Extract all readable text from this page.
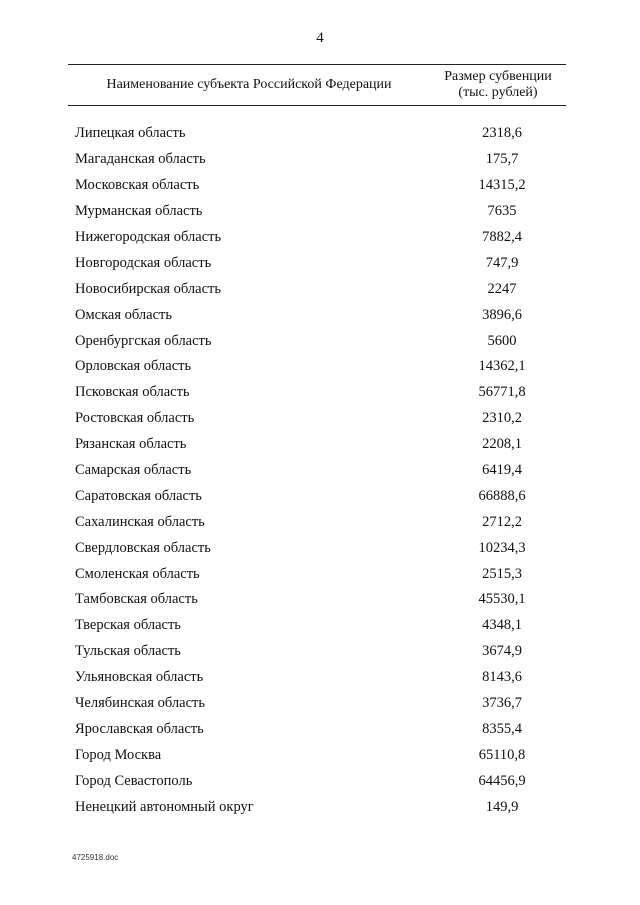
4
Наименование субъекта Российской Федерации
Размер субвенции
(тыс. рублей)
Липецкая область	2318,6
Магаданская область	175,7
Московская область	14315,2
Мурманская область	7635
Нижегородская область	7882,4
Новгородская область	747,9
Новосибирская область	2247
Омская область	3896,6
Оренбургская область	5600
Орловская область	14362,1
Псковская область	56771,8
Ростовская область	2310,2
Рязанская область	2208,1
Самарская область	6419,4
Саратовская область	66888,6
Сахалинская область	2712,2
Свердловская область	10234,3
Смоленская область	2515,3
Тамбовская область	45530,1
Тверская область	4348,1
Тульская область	3674,9
Ульяновская область	8143,6
Челябинская область	3736,7
Ярославская область	8355,4
Город Москва	65110,8
Город Севастополь	64456,9
Ненецкий автономный округ	149,9
4725918.doc
